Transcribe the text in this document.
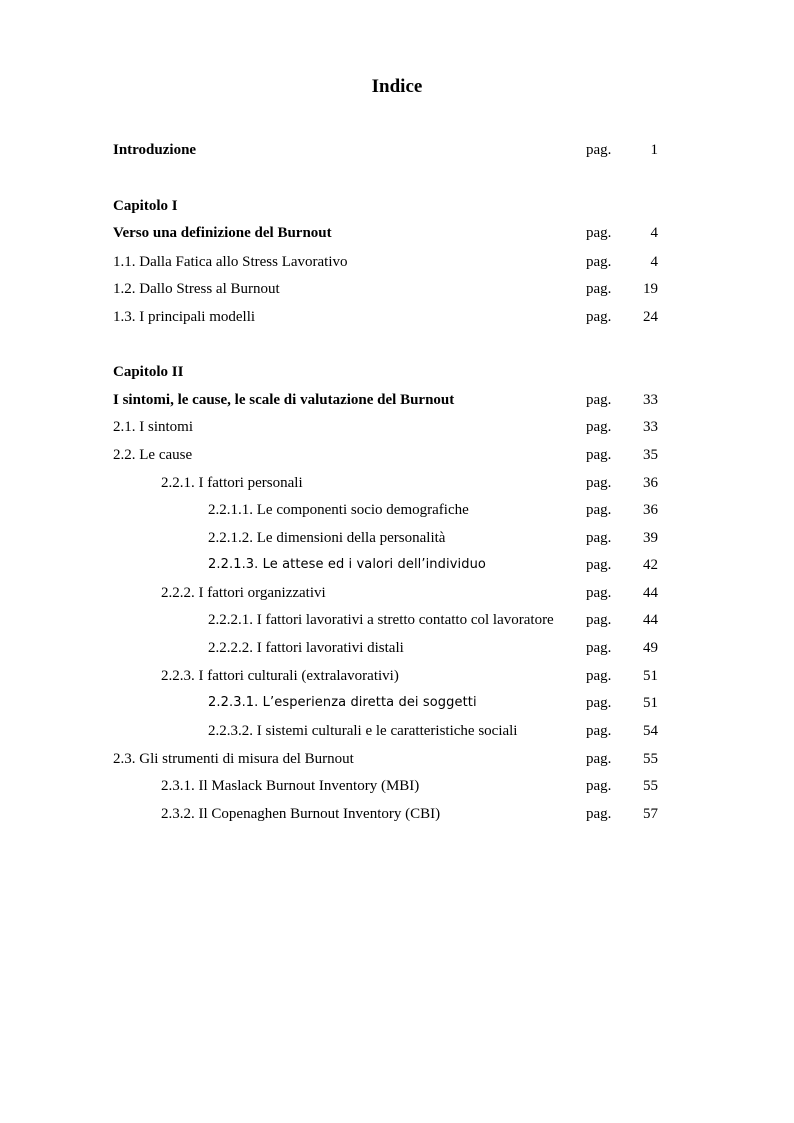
Indice
Introduzione	pag.	1
Capitolo I
Verso una definizione del Burnout	pag.	4
1.1. Dalla Fatica allo Stress Lavorativo	pag.	4
1.2. Dallo Stress al Burnout	pag. 19
1.3. I principali modelli	pag. 24
Capitolo II
I sintomi, le cause, le scale di valutazione del Burnout	pag. 33
2.1. I sintomi	pag. 33
2.2. Le cause	pag. 35
2.2.1. I fattori personali	pag. 36
2.2.1.1. Le componenti socio demografiche	pag. 36
2.2.1.2. Le dimensioni della personalità	pag. 39
2.2.1.3. Le attese ed i valori dell’individuo	pag. 42
2.2.2. I fattori organizzativi	pag. 44
2.2.2.1. I fattori lavorativi a stretto contatto col lavoratore pag. 44
2.2.2.2. I fattori lavorativi distali	pag. 49
2.2.3. I fattori culturali (extralavorativi)	pag. 51
2.2.3.1. L’esperienza diretta dei soggetti	pag. 51
2.2.3.2. I sistemi culturali e le caratteristiche sociali	pag. 54
2.3. Gli strumenti di misura del Burnout	pag. 55
2.3.1. Il Maslack Burnout Inventory (MBI)	pag. 55
2.3.2. Il Copenaghen Burnout Inventory (CBI)	pag. 57
